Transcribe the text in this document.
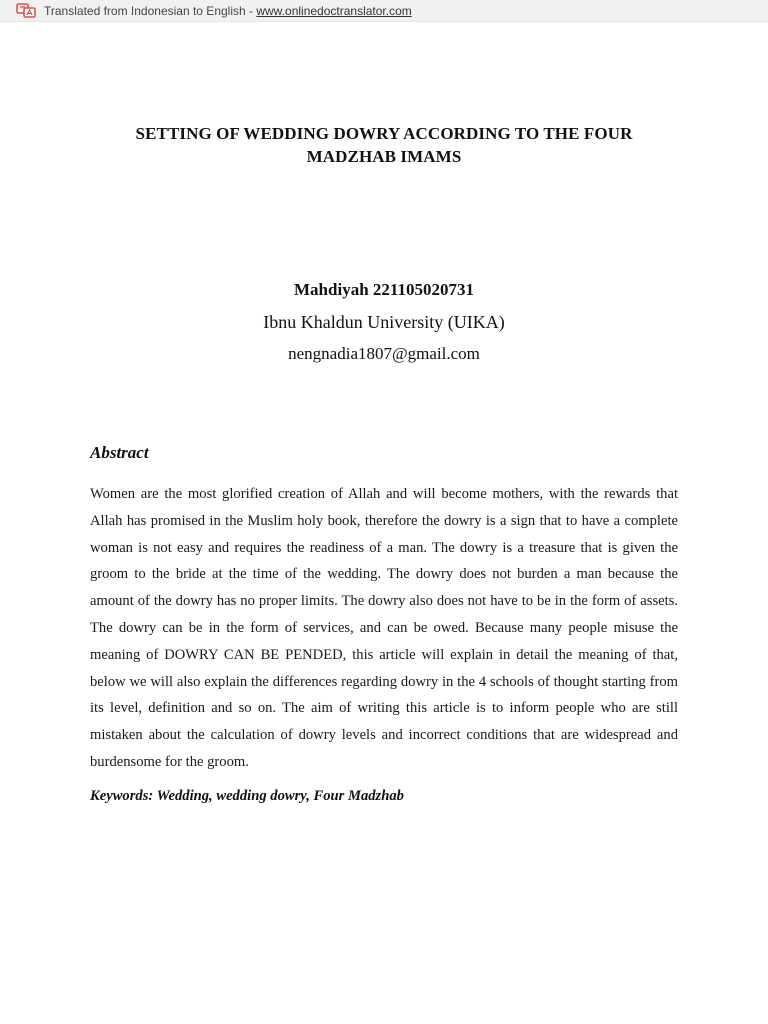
Translated from Indonesian to English - www.onlinedoctranslator.com
SETTING OF WEDDING DOWRY ACCORDING TO THE FOUR MADZHAB IMAMS

Mahdiyah 221105020731

Ibnu Khaldun University (UIKA)

nengnadia1807@gmail.com

Abstract

Women are the most glorified creation of Allah and will become mothers, with the rewards that Allah has promised in the Muslim holy book, therefore the dowry is a sign that to have a complete woman is not easy and requires the readiness of a man. The dowry is a treasure that is given the groom to the bride at the time of the wedding. The dowry does not burden a man because the amount of the dowry has no proper limits. The dowry also does not have to be in the form of assets. The dowry can be in the form of services, and can be owed. Because many people misuse the meaning of DOWRY CAN BE PENDED, this article will explain in detail the meaning of that, below we will also explain the differences regarding dowry in the 4 schools of thought starting from its level, definition and so on. The aim of writing this article is to inform people who are still mistaken about the calculation of dowry levels and incorrect conditions that are widespread and burdensome for the groom.

Keywords: Wedding, wedding dowry, Four Madzhab
